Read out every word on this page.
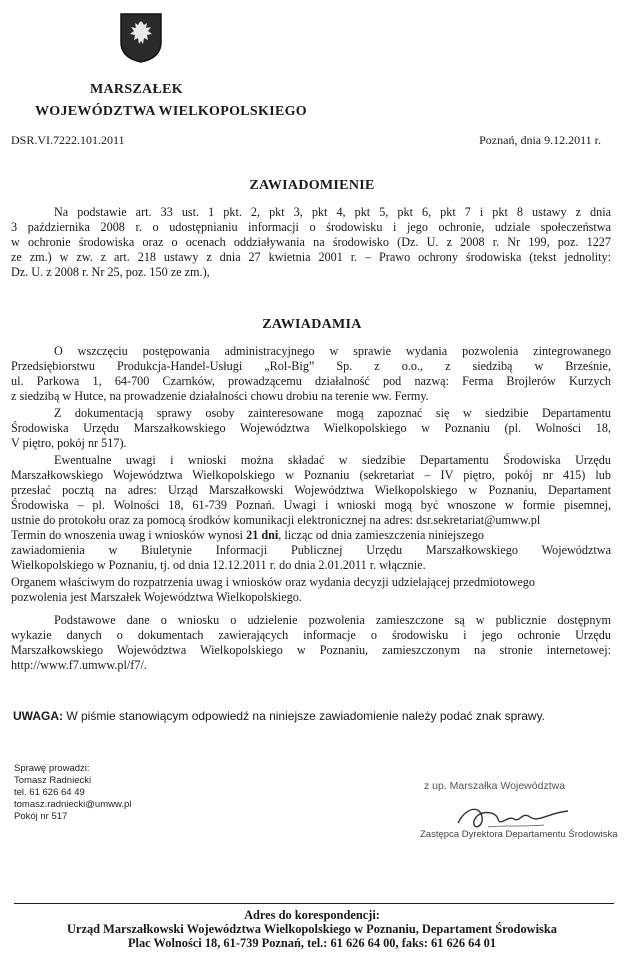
MARSZAŁEK
WOJEWÓDZTWA WIELKOPOLSKIEGO
DSR.VI.7222.101.2011	Poznań, dnia 9.12.2011 r.
ZAWIADOMIENIE
Na podstawie art. 33 ust. 1 pkt. 2, pkt 3, pkt 4, pkt 5, pkt 6, pkt 7 i pkt 8 ustawy z dnia
3 października 2008 r. o udostępnianiu informacji o środowisku i jego ochronie, udziale społeczeństwa
w ochronie środowiska oraz o ocenach oddziaływania na środowisko (Dz. U. z 2008 r. Nr 199, poz. 1227
ze zm.) w zw. z art. 218 ustawy z dnia 27 kwietnia 2001 r. – Prawo ochrony środowiska (tekst jednolity:
Dz. U. z 2008 r. Nr 25, poz. 150 ze zm.),
ZAWIADAMIA
O wszczęciu postępowania administracyjnego w sprawie wydania pozwolenia zintegrowanego
Przedsiębiorstwu Produkcja-Handel-Usługi „Rol-Big” Sp. z o.o., z siedzibą w Brześnie,
ul. Parkowa 1, 64-700 Czarnków, prowadzącemu działalność pod nazwą: Ferma Brojlerów Kurzych
z siedzibą w Hutce, na prowadzenie działalności chowu drobiu na terenie ww. Fermy.
Z dokumentacją sprawy osoby zainteresowane mogą zapoznać się w siedzibie Departamentu
Środowiska Urzędu Marszałkowskiego Województwa Wielkopolskiego w Poznaniu (pl. Wolności 18,
V piętro, pokój nr 517).
Ewentualne uwagi i wnioski można składać w siedzibie Departamentu Środowiska Urzędu
Marszałkowskiego Województwa Wielkopolskiego w Poznaniu (sekretariat – IV piętro, pokój nr 415) lub
przesłać pocztą na adres: Urząd Marszałkowski Województwa Wielkopolskiego w Poznaniu, Departament
Środowiska – pl. Wolności 18, 61-739 Poznań. Uwagi i wnioski mogą być wnoszone w formie pisemnej,
ustnie do protokołu oraz za pomocą środków komunikacji elektronicznej na adres: dsr.sekretariat@umww.pl
Termin do wnoszenia uwag i wniosków wynosi 21 dni, licząc od dnia zamieszczenia niniejszego
zawiadomienia w Biuletynie Informacji Publicznej Urzędu Marszałkowskiego Województwa
Wielkopolskiego w Poznaniu, tj. od dnia 12.12.2011 r. do dnia 2.01.2011 r. włącznie.
Organem właściwym do rozpatrzenia uwag i wniosków oraz wydania decyzji udzielającej przedmiotowego
pozwolenia jest Marszałek Województwa Wielkopolskiego.
Podstawowe dane o wniosku o udzielenie pozwolenia zamieszczone są w publicznie dostępnym
wykazie danych o dokumentach zawierających informacje o środowisku i jego ochronie Urzędu
Marszałkowskiego Województwa Wielkopolskiego w Poznaniu, zamieszczonym na stronie internetowej:
http://www.f7.umww.pl/f7/.
UWAGA: W piśmie stanowiącym odpowiedź na niniejsze zawiadomienie należy podać znak sprawy.
Sprawę prowadzi:
Tomasz Radniecki
tel. 61 626 64 49
tomasz.radniecki@umww.pl
Pokój nr 517
z up. Marszałka Województwa
Zastępca Dyrektora Departamentu Środowiska
Adres do korespondencji:
Urząd Marszałkowski Województwa Wielkopolskiego w Poznaniu, Departament Środowiska
Plac Wolności 18, 61-739 Poznań, tel.: 61 626 64 00, faks: 61 626 64 01
